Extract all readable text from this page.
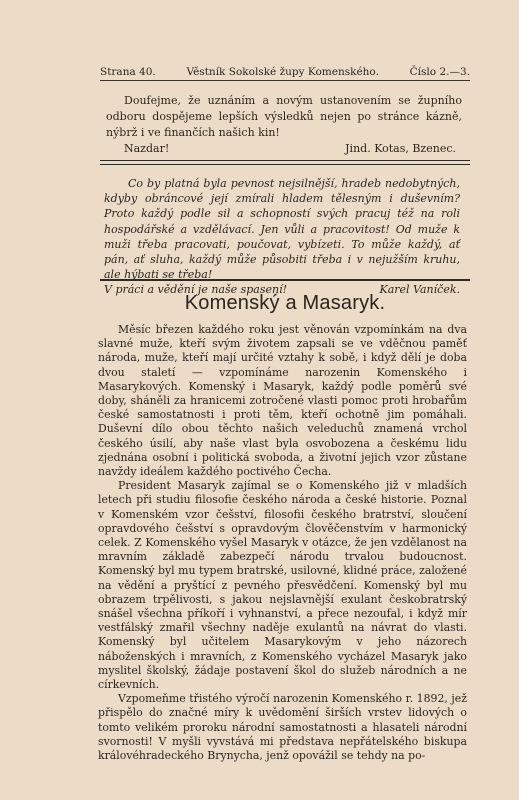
Strana 40.	Věstník Sokolské župy Komenského.	Číslo 2.—3.

Doufejme, že uznáním a novým ustanovením se župního odboru dospějeme lepších výsledků nejen po stránce kázně, nýbrž i ve finančích našich kin!

Nazdar!	Jind. Kotas, Bzenec.

Co by platná byla pevnost nejsilnější, hradeb nedobytných, kdyby obráncové její zmírali hladem tělesným i duševním? Proto každý podle sil a schopností svých pracuj též na roli hospodářské a vzdělávací. Jen vůli a pracovitost! Od muže k muži třeba pracovati, poučovat, vybízeti. To může každý, ať pán, ať sluha, každý může působiti třeba i v nejužším kruhu, ale hýbati se třeba!

V práci a vědění je naše spasení!	Karel Vaníček.
Komenský a Masaryk.

Měsíc březen každého roku jest věnován vzpomínkám na dva slavné muže, kteří svým životem zapsali se ve vděčnou paměť národa, muže, kteří mají určité vztahy k sobě, i když dělí je doba dvou staletí — vzpomínáme narozenin Komenského i Masarykových. Komenský i Masaryk, každý podle poměrů své doby, sháněli za hranicemi zotročené vlasti pomoc proti hrobařům české samostatnosti i proti těm, kteří ochotně jim pomáhali. Duševní dílo obou těchto našich veleduchů znamená vrchol českého úsilí, aby naše vlast byla osvobozena a českému lidu zjednána osobní i politická svoboda, a životní jejich vzor zůstane navždy ideálem každého poctivého Čecha.

President Masaryk zajímal se o Komenského již v mladších letech při studiu filosofie českého národa a české historie. Poznal v Komenském vzor češství, filosofii českého bratrství, sloučení opravdového češství s opravdovým člověčenstvím v harmonický celek. Z Komenského vyšel Masaryk v otázce, že jen vzdělanost na mravním základě zabezpečí národu trvalou budoucnost. Komenský byl mu typem bratrské, usilovné, klidné práce, založené na vědění a pryštící z pevného přesvědčení. Komenský byl mu obrazem trpělivosti, s jakou nejslavnější exulant českobratrský snášel všechna příkoří i vyhnanství, a přece nezoufal, i když mír vestfálský zmařil všechny naděje exulantů na návrat do vlasti. Komenský byl učitelem Masarykovým v jeho názorech náboženských i mravních, z Komenského vycházel Masaryk jako myslitel školský, žádaje postavení škol do služeb národních a ne církevních.

Vzpomeňme třistého výročí narozenin Komenského r. 1892, jež přispělo do značné míry k uvědomění širších vrstev lidových o tomto velikém proroku národní samostatnosti a hlasateli národní svornosti! V myšli vyvstává mi představa nepřátelského biskupa královéhradeckého Brynycha, jenž opovážil se tehdy na po-
